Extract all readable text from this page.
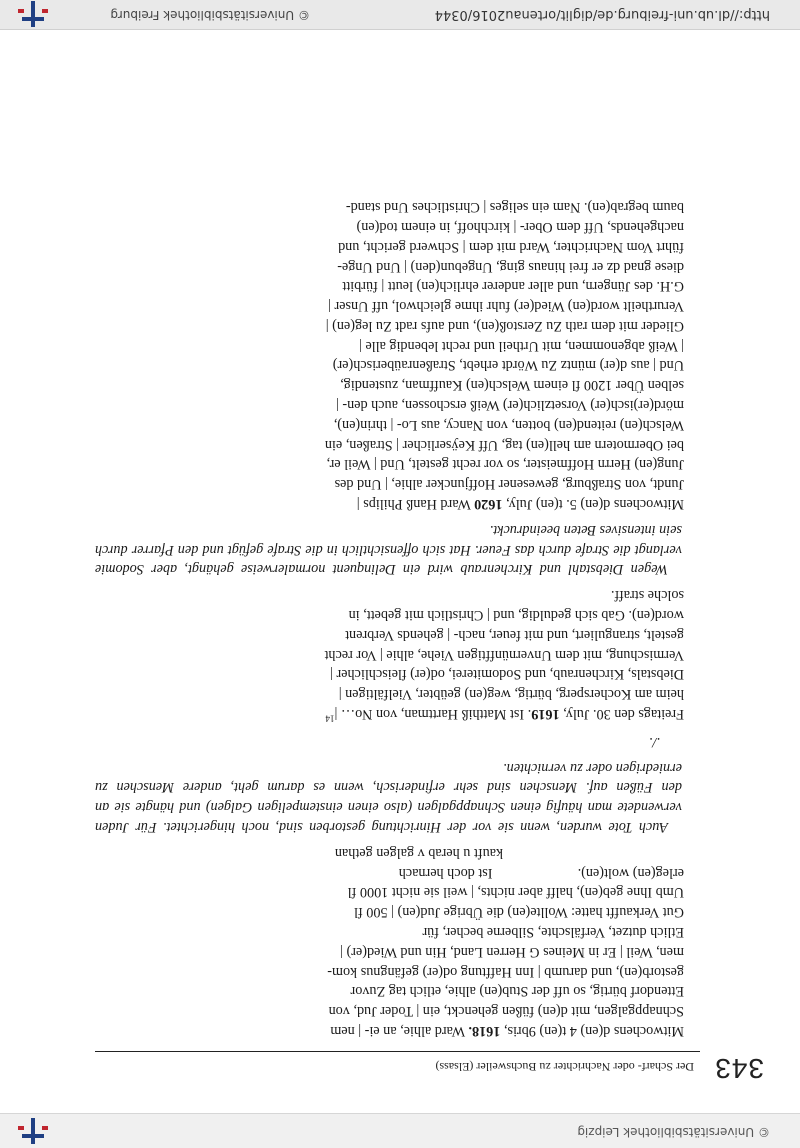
© Universitätsbibliothek Leipzig
343
Der Scharf- oder Nachrichter zu Buchsweiler (Elsass)
Mitwochens d(en) 4 t(en) 9bris, 1618. Ward alhie, an ei- | nem
Schnappgalgen, mit d(en) füßen gehenckt, ein | Toder Jud, von
Ettendorf bürtig, so uff der Stub(en) alhie, etlich tag Zuvor
gestorb(en), und darumb | Inn Hafftung od(er) gefängnus kom-
men, Weil | Er in Meines G Herren Land, Hin und Wied(er) |
Etlich dutzet, Verfälschte, Silberne becher, für
Gut Verkaufft hatte: Wollte(en) die Übrige Jud(en) | 500 fl
Umb Ihne geb(en), halff aber nichts, | weil sie nicht 1000 fl
erleg(en) wolt(en).                        Ist doch hernach
kauft u herab v galgen gethan
Auch Tote wurden, wenn sie vor der Hinrichtung gestorben sind, noch hingerichtet. Für Juden verwendete man häufig einen Schnappgalgen (also einen einstempeligen Galgen) und hängte sie an den Füßen auf. Menschen sind sehr erfinderisch, wenn es darum geht, andere Menschen zu erniedrigen oder zu vernichten.
./.
Freitags den 30. July, 1619. Ist Matthiß Harttman, von No… $|^{14}$
heim am Kochersperg, bürtig, weg(en) geübter, Vielfältigen |
Diebstals, Kirchenraub, und Sodomiterei, od(er) fleischlicher |
Vermischung, mit dem Unvernünfftigen Viehe, alhie | Vor recht
gestelt, stranguliert, und mit feuer, nach- | gehends Verbrent
word(en). Gab sich geduldig, und | Christlich mit gebett, in
solche straff.
Wegen Diebstahl und Kirchenraub wird ein Delinquent normalerweise gehängt, aber Sodomie verlangt die Strafe durch das Feuer. Hat sich offensichtlich in die Strafe gefügt und den Pfarrer durch sein intensives Beten beeindruckt.
Mitwochens d(en) 5. t(en) July, 1620 Ward Hanß Philips |
Jundt, von Straßburg, gewesener Hoffjuncker alhie, | Und des
Jung(en) Herrn Hoffmeister, so vor recht gestelt, Und | Weil er,
bei Obermotern am hell(en) tag, Uff Keÿserlicher | Straßen, ein
Welsch(en) reitend(en) botten, von Nancy, aus Lo- | thrin(en),
mörd(er)isch(er) Vorsetzlich(er) Weiß erschossen, auch den- |
selben Über 1200 fl einem Welsch(en) Kauffman, zustendig,
Und | aus d(er) müntz Zu Wördt erhebt, Straßenraüberisch(er)
| Weiß abgenommen, mit Urtheil und recht lebendig alle |
Glieder mit dem rath Zu Zerstoß(en), und aufs radt Zu leg(en) |
Verurtheilt word(en) Wied(er) fuhr ihme gleichwol, uff Unser |
G.H. des Jüngern, und aller anderer ehrlich(en) leutt | fürbitt
diese gnad dz er frei hinaus ging, Ungebun(den) | Und Unge-
führt Vom Nachrichter, Ward mit dem | Schwerd gericht, und
nachgehends, Uff dem Ober- | kirchhoff, in einem tod(en)
baum begrab(en). Nam ein seliges | Christliches Und stand-
http://dl.ub.uni-freiburg.de/diglit/ortenau2016/0344
© Universitätsbibliothek Freiburg
